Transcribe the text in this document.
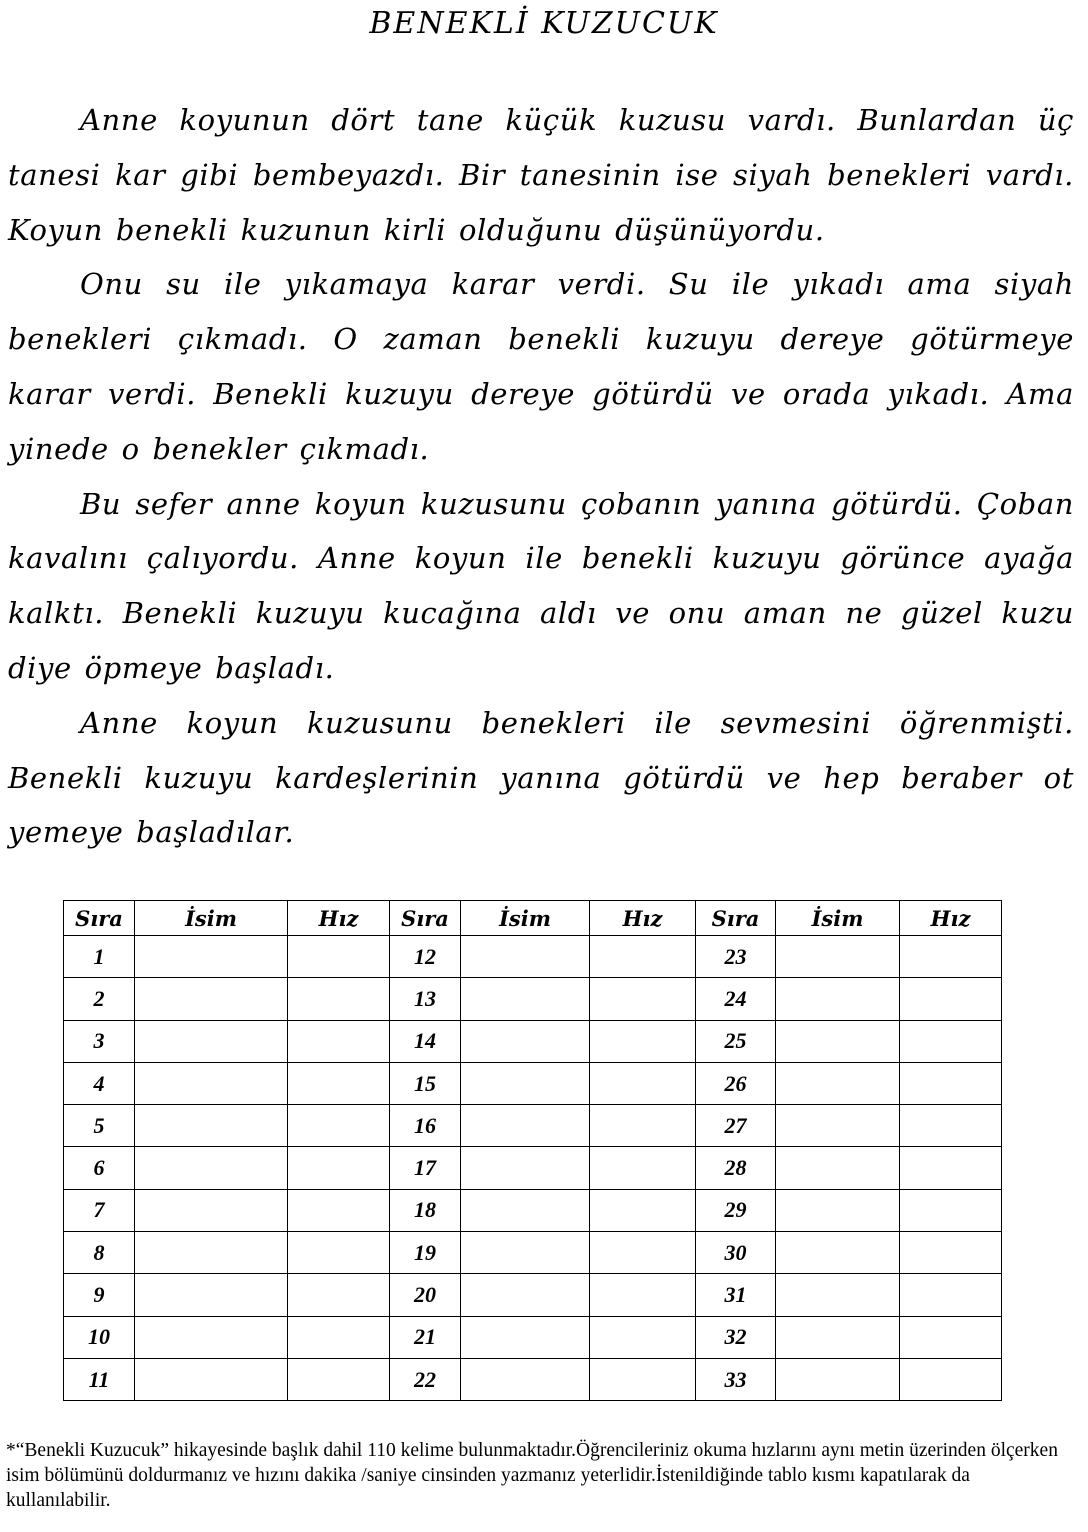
BENEKLİ KUZUCUK

Anne koyunun dört tane küçük kuzusu vardı. Bunlardan üç tanesi kar gibi bembeyazdı. Bir tanesinin ise siyah benekleri vardı. Koyun benekli kuzunun kirli olduğunu düşünüyordu.

Onu su ile yıkamaya karar verdi. Su ile yıkadı ama siyah benekleri çıkmadı. O zaman benekli kuzuyu dereye götürmeye karar verdi. Benekli kuzuyu dereye götürdü ve orada yıkadı. Ama yinede o benekler çıkmadı.

Bu sefer anne koyun kuzusunu çobanın yanına götürdü. Çoban kavalını çalıyordu. Anne koyun ile benekli kuzuyu görünce ayağa kalktı. Benekli kuzuyu kucağına aldı ve onu aman ne güzel kuzu diye öpmeye başladı.

Anne koyun kuzusunu benekleri ile sevmesini öğrenmişti. Benekli kuzuyu kardeşlerinin yanına götürdü ve hep beraber ot yemeye başladılar.

Sıra	İsim	Hız	Sıra	İsim	Hız	Sıra	İsim	Hız
1			12			23		
2			13			24		
3			14			25		
4			15			26		
5			16			27		
6			17			28		
7			18			29		
8			19			30		
9			20			31		
10			21			32		
11			22			33		
*“Benekli Kuzucuk” hikayesinde başlık dahil 110 kelime bulunmaktadır.Öğrencileriniz okuma hızlarını aynı metin üzerinden ölçerken isim bölümünü doldurmanız ve hızını dakika /saniye cinsinden yazmanız yeterlidir.İstenildiğinde tablo kısmı kapatılarak da kullanılabilir.
